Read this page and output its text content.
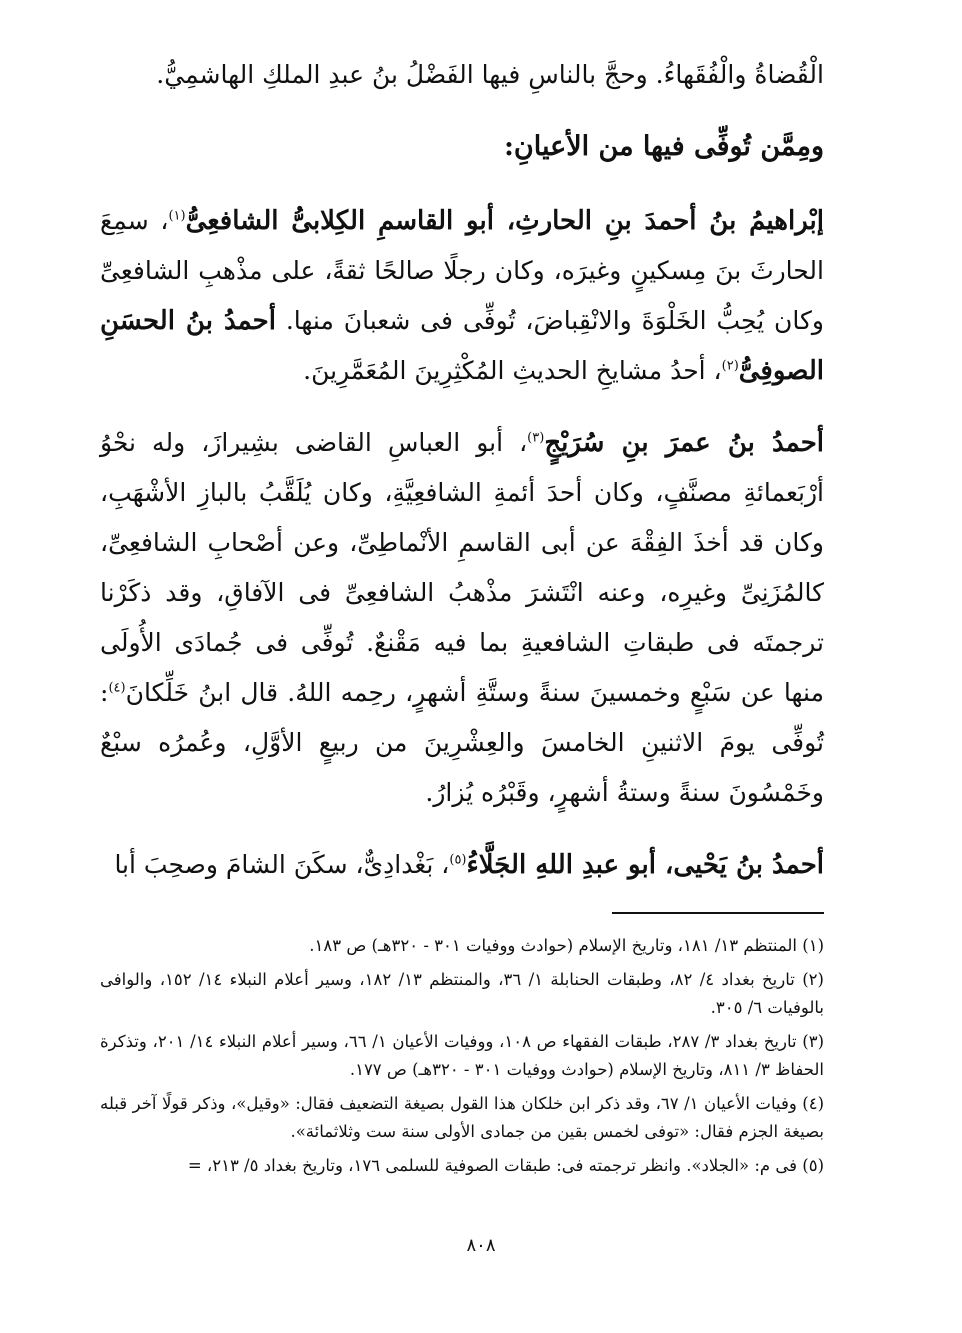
الْقُضاةُ والْفُقَهاءُ. وحجَّ بالناسِ فيها الفَضْلُ بنُ عبدِ الملكِ الهاشمِيُّ.

ومِمَّن تُوفِّى فيها من الأعيانِ:

إبْراهيمُ بنُ أحمدَ بنِ الحارثِ، أبو القاسمِ الكِلابىُّ الشافعِىُّ$^{(١)}$، سمِعَ الحارثَ بنَ مِسكينٍ وغيرَه، وكان رجلًا صالحًا ثقةً، على مذْهبِ الشافعِىِّ وكان يُحِبُّ الخَلْوَةَ والانْقِباضَ، تُوفِّى فى شعبانَ منها. أحمدُ بنُ الحسَنِ الصوفِىُّ$^{(٢)}$، أحدُ مشايخِ الحديثِ المُكْثِرِينَ المُعَمَّرِينَ.

أحمدُ بنُ عمرَ بنِ سُرَيْجٍ$^{(٣)}$، أبو العباسِ القاضى بشِيرازَ، وله نحْوُ أرْبَعمائةِ مصنَّفٍ، وكان أحدَ أئمةِ الشافعِيَّةِ، وكان يُلَقَّبُ بالبازِ الأشْهَبِ، وكان قد أخذَ الفِقْهَ عن أبى القاسمِ الأنْماطِىِّ، وعن أصْحابِ الشافعِىِّ، كالمُزَنِىِّ وغيرِه، وعنه انْتَشرَ مذْهبُ الشافعِىِّ فى الآفاقِ، وقد ذكَرْنا ترجمتَه فى طبقاتِ الشافعيةِ بما فيه مَقْنعٌ. تُوفِّى فى جُمادَى الأُولَى منها عن سَبْعٍ وخمسينَ سنةً وستَّةِ أشهرٍ، رحِمه اللهُ. قال ابنُ خَلِّكانَ$^{(٤)}$: تُوفِّى يومَ الاثنينِ الخامسَ والعِشْرِينَ من ربيعٍ الأوَّلِ، وعُمرُه سبْعٌ وخَمْسُونَ سنةً وستةُ أشهرٍ، وقَبْرُه يُزارُ.

أحمدُ بنُ يَحْيى، أبو عبدِ اللهِ الجَلَّاءُ$^{(٥)}$، بَغْدادِىٌّ، سكَنَ الشامَ وصحِبَ أبا

(١) المنتظم ١٣/ ١٨١، وتاريخ الإسلام (حوادث ووفيات ٣٠١ - ٣٢٠هـ) ص ١٨٣.

(٢) تاريخ بغداد ٤/ ٨٢، وطبقات الحنابلة ١/ ٣٦، والمنتظم ١٣/ ١٨٢، وسير أعلام النبلاء ١٤/ ١٥٢، والوافى بالوفيات ٦/ ٣٠٥.

(٣) تاريخ بغداد ٣/ ٢٨٧، طبقات الفقهاء ص ١٠٨، ووفيات الأعيان ١/ ٦٦، وسير أعلام النبلاء ١٤/ ٢٠١، وتذكرة الحفاظ ٣/ ٨١١، وتاريخ الإسلام (حوادث ووفيات ٣٠١ - ٣٢٠هـ) ص ١٧٧.

(٤) وفيات الأعيان ١/ ٦٧، وقد ذكر ابن خلكان هذا القول بصيغة التضعيف فقال: «وقيل»، وذكر قولًا آخر قبله بصيغة الجزم فقال: «توفى لخمس بقين من جمادى الأولى سنة ست وثلاثمائة».

(٥) فى م: «الجلاد». وانظر ترجمته فى: طبقات الصوفية للسلمى ١٧٦، وتاريخ بغداد ٥/ ٢١٣، =

٨٠٨
